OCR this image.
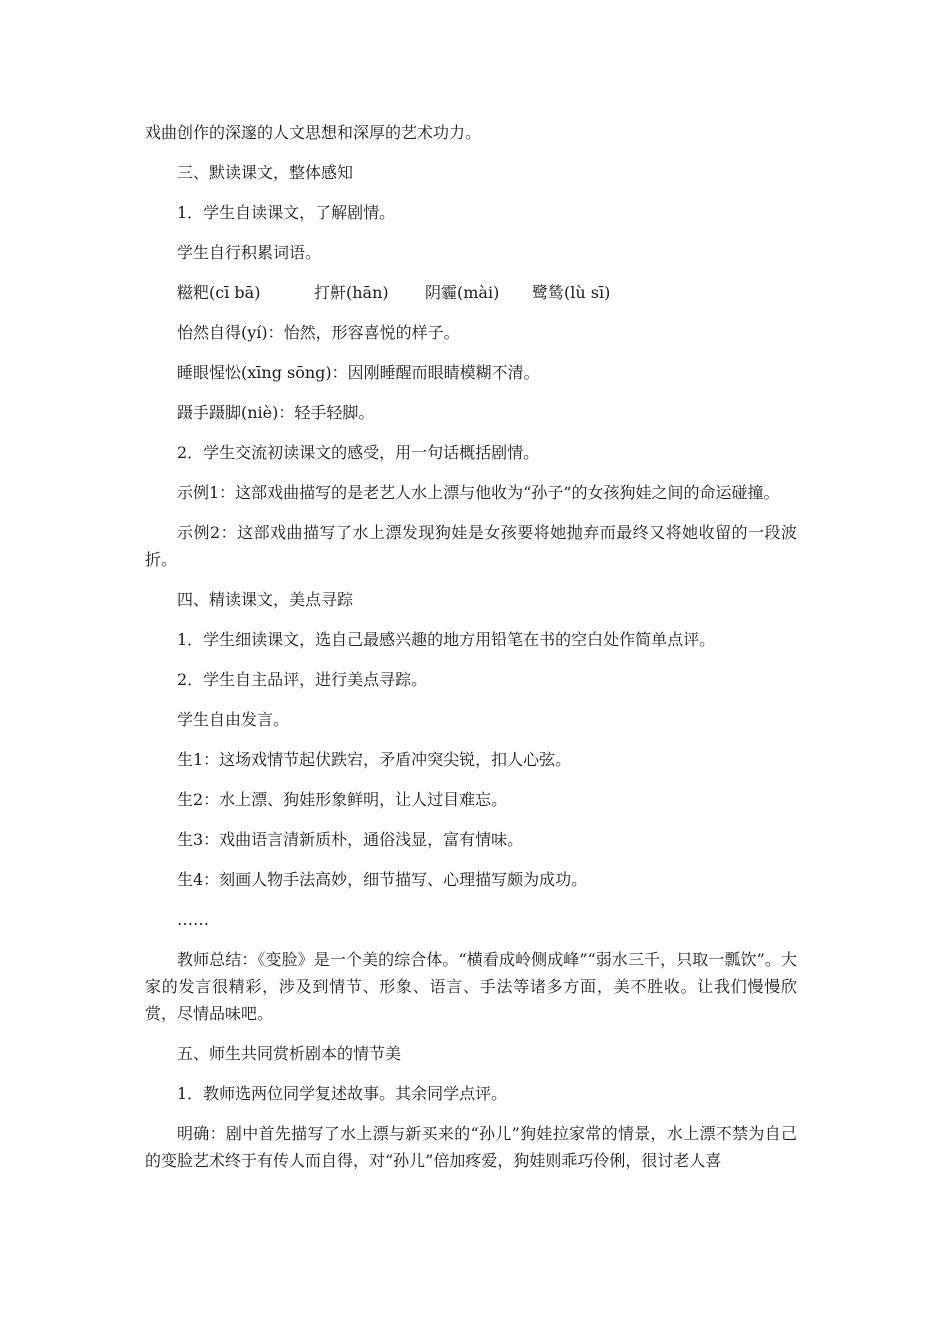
戏曲创作的深邃的人文思想和深厚的艺术功力。

三、默读课文，整体感知

1．学生自读课文，了解剧情。

学生自行积累词语。

糍粑(cī bā)	打鼾(hān)	阴霾(mài)	鹭鸶(lù sī)

怡然自得(yí)：怡然，形容喜悦的样子。

睡眼惺忪(xīng sōng)：因刚睡醒而眼睛模糊不清。

蹑手蹑脚(niè)：轻手轻脚。

2．学生交流初读课文的感受，用一句话概括剧情。

示例1：这部戏曲描写的是老艺人水上漂与他收为“孙子”的女孩狗娃之间的命运碰撞。

示例2：这部戏曲描写了水上漂发现狗娃是女孩要将她抛弃而最终又将她收留的一段波折。

四、精读课文，美点寻踪

1．学生细读课文，选自己最感兴趣的地方用铅笔在书的空白处作简单点评。

2．学生自主品评，进行美点寻踪。

学生自由发言。

生1：这场戏情节起伏跌宕，矛盾冲突尖锐，扣人心弦。

生2：水上漂、狗娃形象鲜明，让人过目难忘。

生3：戏曲语言清新质朴，通俗浅显，富有情味。

生4：刻画人物手法高妙，细节描写、心理描写颇为成功。

……

教师总结：《变脸》是一个美的综合体。“横看成岭侧成峰”“弱水三千，只取一瓢饮”。大家的发言很精彩，涉及到情节、形象、语言、手法等诸多方面，美不胜收。让我们慢慢欣赏，尽情品味吧。

五、师生共同赏析剧本的情节美

1．教师选两位同学复述故事。其余同学点评。

明确：剧中首先描写了水上漂与新买来的“孙儿”狗娃拉家常的情景，水上漂不禁为自己的变脸艺术终于有传人而自得，对“孙儿”倍加疼爱，狗娃则乖巧伶俐，很讨老人喜
